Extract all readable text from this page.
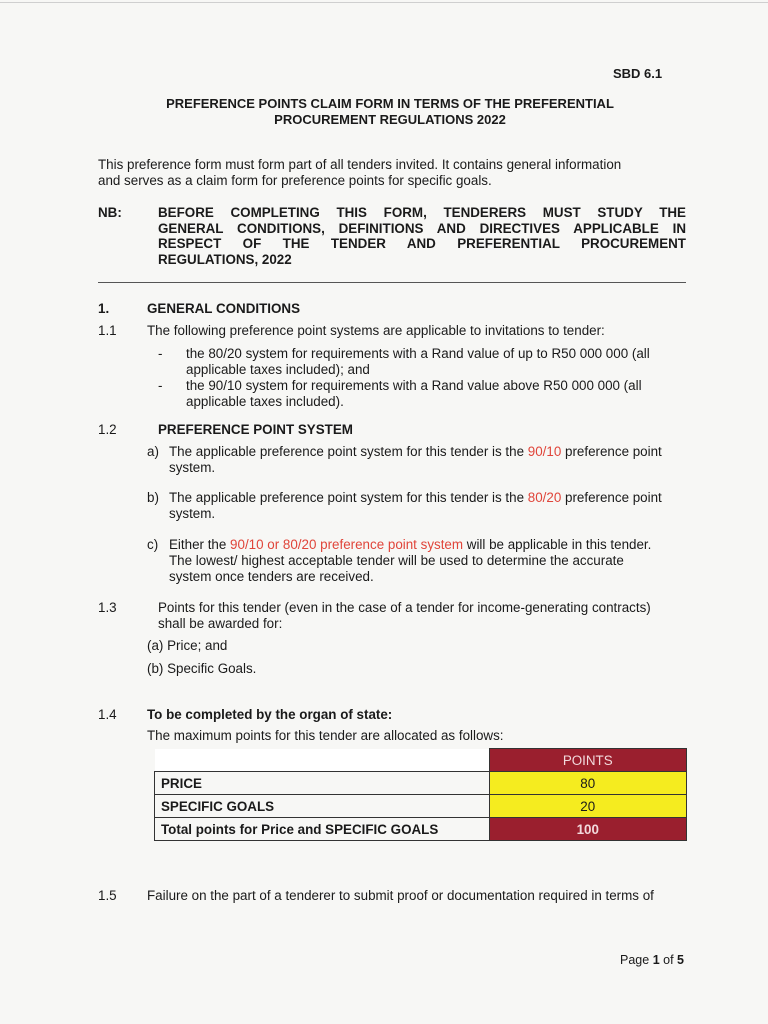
SBD 6.1
PREFERENCE POINTS CLAIM FORM IN TERMS OF THE PREFERENTIAL
PROCUREMENT REGULATIONS 2022
This preference form must form part of all tenders invited. It contains general information
and serves as a claim form for preference points for specific goals.
NB:	BEFORE COMPLETING THIS FORM, TENDERERS MUST STUDY THE
GENERAL CONDITIONS, DEFINITIONS AND DIRECTIVES APPLICABLE IN
RESPECT OF THE TENDER AND PREFERENTIAL PROCUREMENT
REGULATIONS, 2022
1.	GENERAL CONDITIONS
1.1 The following preference point systems are applicable to invitations to tender:
- the 80/20 system for requirements with a Rand value of up to R50 000 000 (all
applicable taxes included); and
- the 90/10 system for requirements with a Rand value above R50 000 000 (all
applicable taxes included).
1.2	PREFERENCE POINT SYSTEM
a) The applicable preference point system for this tender is the 90/10 preference point
system.
b) The applicable preference point system for this tender is the 80/20 preference point
system.
c) Either the 90/10 or 80/20 preference point system will be applicable in this tender.
The lowest/ highest acceptable tender will be used to determine the accurate
system once tenders are received.
1.3	Points for this tender (even in the case of a tender for income-generating contracts)
shall be awarded for:
(a) Price; and
(b) Specific Goals.
1.4 To be completed by the organ of state:
The maximum points for this tender are allocated as follows:
	POINTS
PRICE	80
SPECIFIC GOALS	20
Total points for Price and SPECIFIC GOALS	100
1.5 Failure on the part of a tenderer to submit proof or documentation required in terms of
Page 1 of 5
